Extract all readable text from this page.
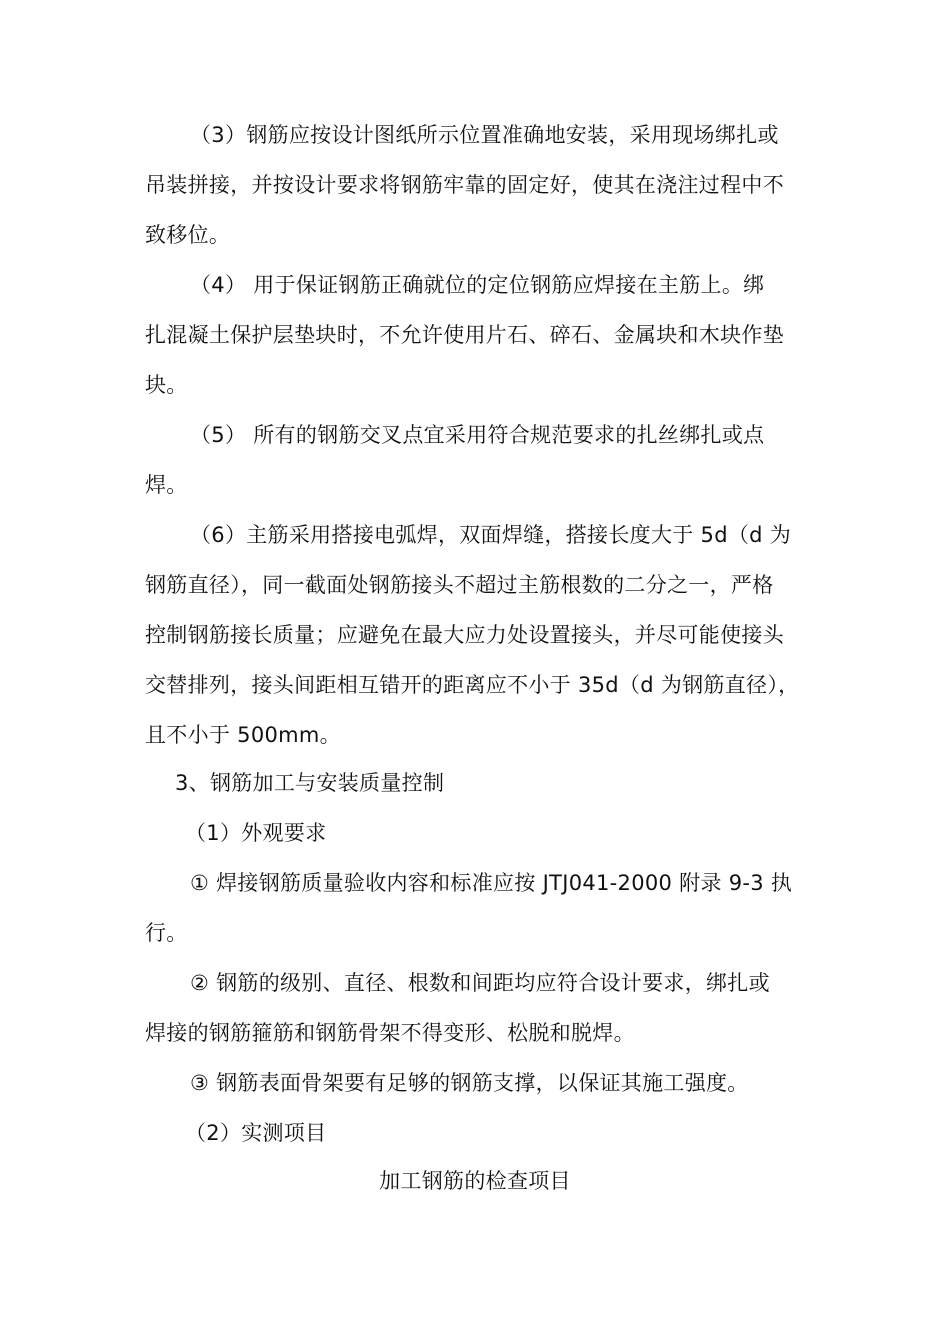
（3）钢筋应按设计图纸所示位置准确地安装，采用现场绑扎或
吊装拼接，并按设计要求将钢筋牢靠的固定好，使其在浇注过程中不
致移位。
（4） 用于保证钢筋正确就位的定位钢筋应焊接在主筋上。绑
扎混凝土保护层垫块时，不允许使用片石、碎石、金属块和木块作垫
块。
（5） 所有的钢筋交叉点宜采用符合规范要求的扎丝绑扎或点
焊。
（6）主筋采用搭接电弧焊，双面焊缝，搭接长度大于 5d（d 为
钢筋直径），同一截面处钢筋接头不超过主筋根数的二分之一，严格
控制钢筋接长质量；应避免在最大应力处设置接头，并尽可能使接头
交替排列，接头间距相互错开的距离应不小于 35d（d 为钢筋直径），
且不小于 500mm。
3、钢筋加工与安装质量控制
（1）外观要求
① 焊接钢筋质量验收内容和标准应按 JTJ041-2000 附录 9-3 执
行。
② 钢筋的级别、直径、根数和间距均应符合设计要求，绑扎或
焊接的钢筋箍筋和钢筋骨架不得变形、松脱和脱焊。
③ 钢筋表面骨架要有足够的钢筋支撑，以保证其施工强度。
（2）实测项目
加工钢筋的检查项目
